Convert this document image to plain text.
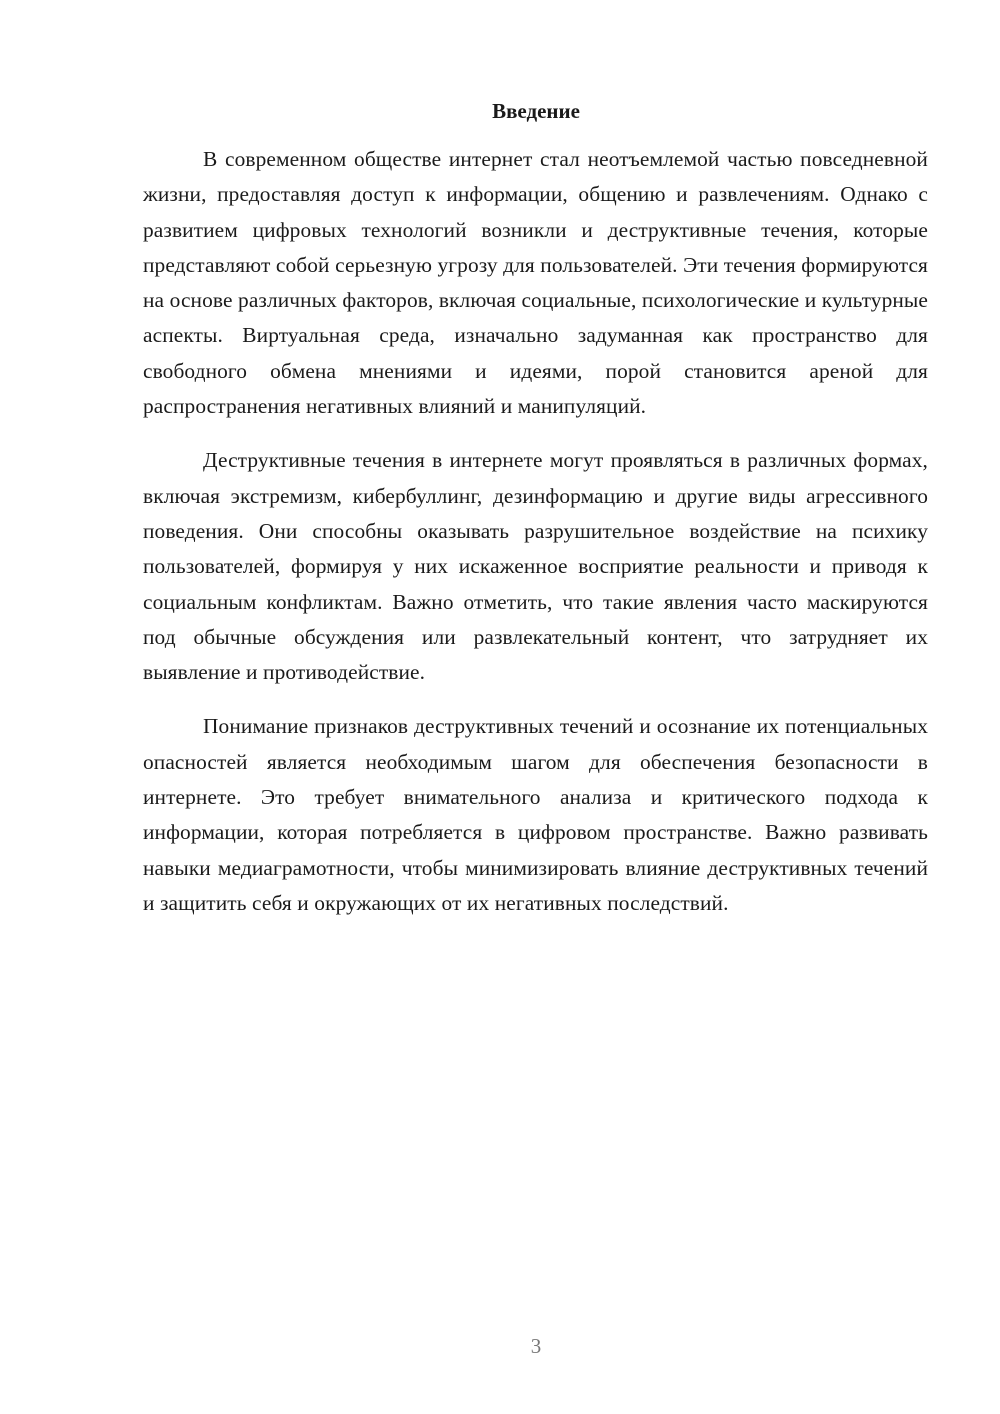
Введение

В современном обществе интернет стал неотъемлемой частью повседневной жизни, предоставляя доступ к информации, общению и развлечениям. Однако с развитием цифровых технологий возникли и деструктивные течения, которые представляют собой серьезную угрозу для пользователей. Эти течения формируются на основе различных факторов, включая социальные, психологические и культурные аспекты. Виртуальная среда, изначально задуманная как пространство для свободного обмена мнениями и идеями, порой становится ареной для распространения негативных влияний и манипуляций.

Деструктивные течения в интернете могут проявляться в различных формах, включая экстремизм, кибербуллинг, дезинформацию и другие виды агрессивного поведения. Они способны оказывать разрушительное воздействие на психику пользователей, формируя у них искаженное восприятие реальности и приводя к социальным конфликтам. Важно отметить, что такие явления часто маскируются под обычные обсуждения или развлекательный контент, что затрудняет их выявление и противодействие.

Понимание признаков деструктивных течений и осознание их потенциальных опасностей является необходимым шагом для обеспечения безопасности в интернете. Это требует внимательного анализа и критического подхода к информации, которая потребляется в цифровом пространстве. Важно развивать навыки медиаграмотности, чтобы минимизировать влияние деструктивных течений и защитить себя и окружающих от их негативных последствий.

3
